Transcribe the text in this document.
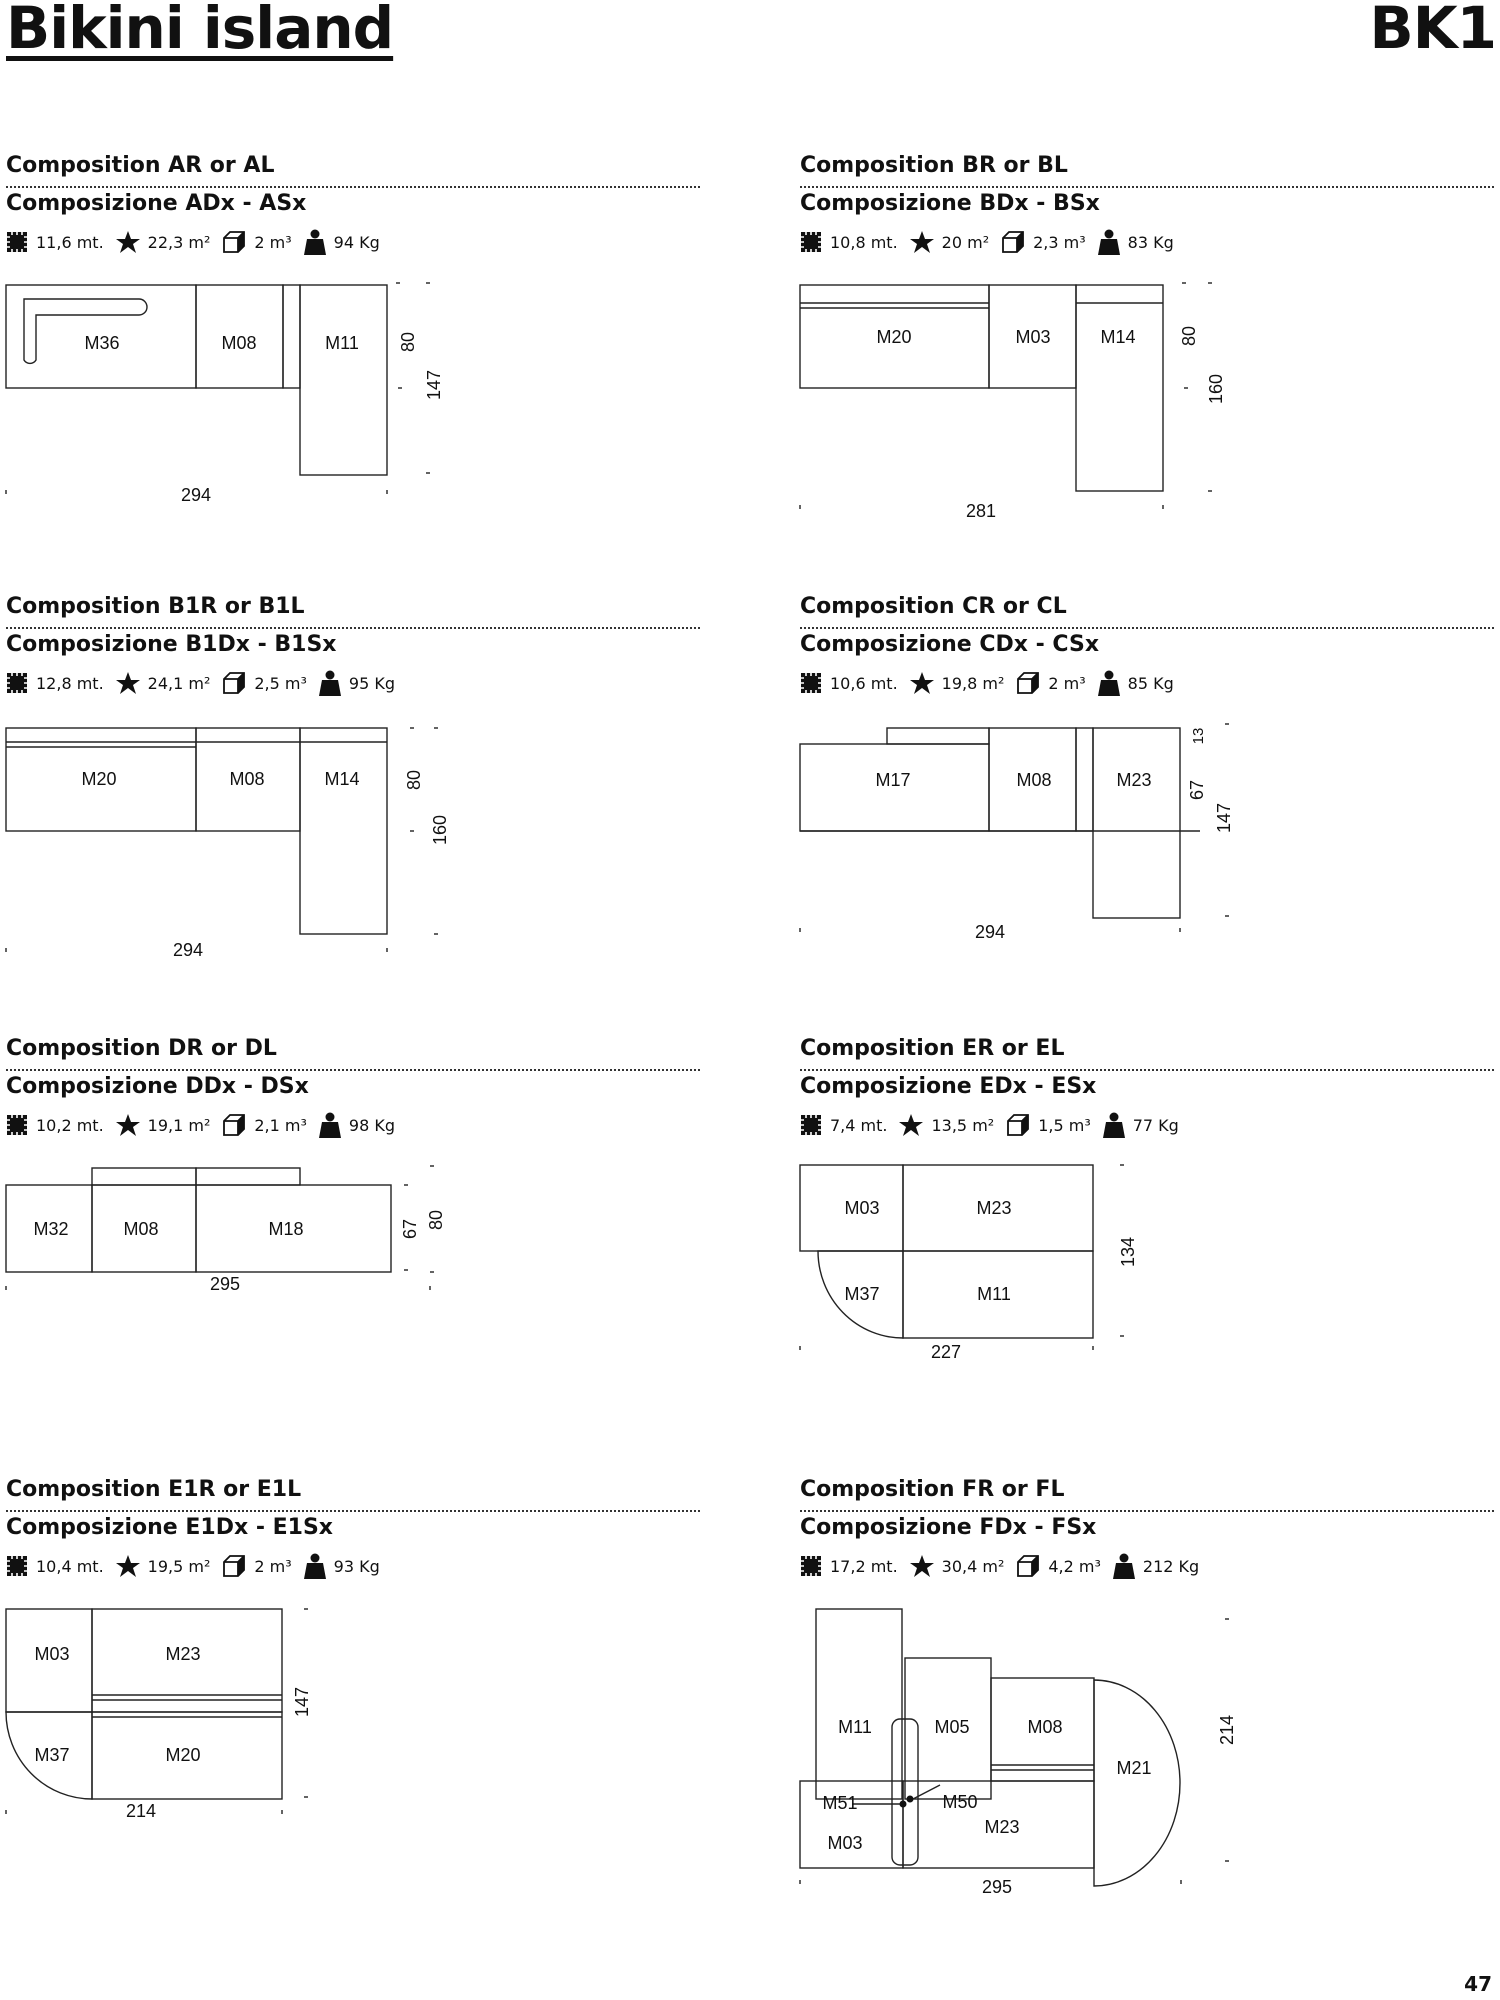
Bikini island	BK1
Composition AR or AL
Composizione ADx - ASx
11,6 mt.	22,3 m²	2 m³	94 Kg
M36	M08	M11
294
80
147
Composition BR or BL
Composizione BDx - BSx
10,8 mt.	20 m²	2,3 m³	83 Kg
M20	M03	M14
281
80
160
Composition B1R or B1L
Composizione B1Dx - B1Sx
12,8 mt.	24,1 m²	2,5 m³	95 Kg
M20	M08	M14
294
80
160
Composition CR or CL
Composizione CDx - CSx
10,6 mt.	19,8 m²	2 m³	85 Kg
M17	M08	M23
294
13
67
147
Composition DR or DL
Composizione DDx - DSx
10,2 mt.	19,1 m²	2,1 m³	98 Kg
M32	M08	M18
295
67 80
Composition ER or EL
Composizione EDx - ESx
7,4 mt.	13,5 m²	1,5 m³	77 Kg
M03	M23
M37	M11
227
134
Composition E1R or E1L
Composizione E1Dx - E1Sx
10,4 mt.	19,5 m²	2 m³	93 Kg
M03	M23
M37	M20
214
147
Composition FR or FL
Composizione FDx - FSx
17,2 mt.	30,4 m²	4,2 m³	212 Kg
M11	M05	M08
M21
M51	M50
M23
M03
295
214
47
